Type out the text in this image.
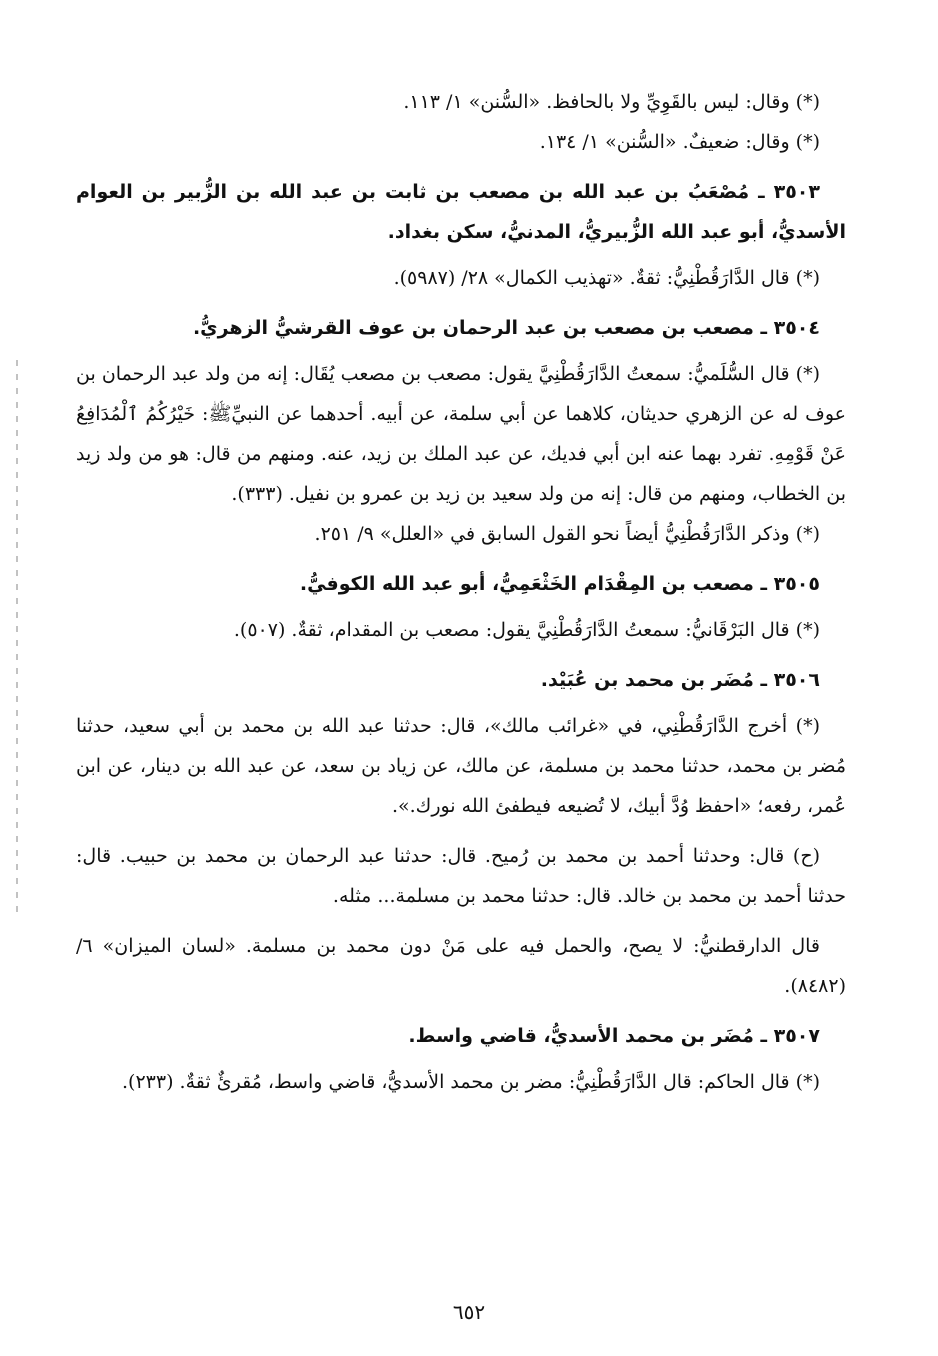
(*) وقال: ليس بالقَوِيِّ ولا بالحافظ. «السُّنن» ١/ ١١٣.

(*) وقال: ضعيفٌ. «السُّنن» ١/ ١٣٤.

٣٥٠٣ ـ مُصْعَبُ بن عبد الله بن مصعب بن ثابت بن عبد الله بن الزُّبير بن العوام الأسديُّ، أبو عبد الله الزُّبيريُّ، المدنيُّ، سكن بغداد.

(*) قال الدَّارَقُطْنِيُّ: ثقةٌ. «تهذيب الكمال» ٢٨/ (٥٩٨٧).

٣٥٠٤ ـ مصعب بن مصعب بن عبد الرحمان بن عوف القرشيُّ الزهريُّ.

(*) قال السُّلَميُّ: سمعتُ الدَّارَقُطْنِيَّ يقول: مصعب بن مصعب يُقَال: إنه من ولد عبد الرحمان بن عوف له عن الزهري حديثان، كلاهما عن أبي سلمة، عن أبيه. أحدهما عن النبيِّﷺ: خَيْرُكُمُ ٱلْمُدَافِعُ عَنْ قَوْمِهِ. تفرد بهما عنه ابن أبي فديك، عن عبد الملك بن زيد، عنه. ومنهم من قال: هو من ولد زيد بن الخطاب، ومنهم من قال: إنه من ولد سعيد بن زيد بن عمرو بن نفيل. (٣٣٣).

(*) وذكر الدَّارَقُطْنِيُّ أيضاً نحو القول السابق في «العلل» ٩/ ٢٥١.

٣٥٠٥ ـ مصعب بن المِقْدَام الخَثْعَمِيُّ، أبو عبد الله الكوفيُّ.

(*) قال البَرْقَانيُّ: سمعتُ الدَّارَقُطْنِيَّ يقول: مصعب بن المقدام، ثقةٌ. (٥٠٧).

٣٥٠٦ ـ مُضَر بن محمد بن عُبَيْد.

(*) أخرج الدَّارَقُطْنِي، في «غرائب مالك»، قال: حدثنا عبد الله بن محمد بن أبي سعيد، حدثنا مُضر بن محمد، حدثنا محمد بن مسلمة، عن مالك، عن زياد بن سعد، عن عبد الله بن دينار، عن ابن عُمر، رفعه؛ «احفظ وُدَّ أبيك، لا تُضيعه فيطفئ الله نورك.».

(ح) قال: وحدثنا أحمد بن محمد بن رُميح. قال: حدثنا عبد الرحمان بن محمد بن حبيب. قال: حدثنا أحمد بن محمد بن خالد. قال: حدثنا محمد بن مسلمة... مثله.

قال الدارقطنيُّ: لا يصح، والحمل فيه على مَنْ دون محمد بن مسلمة. «لسان الميزان» ٦/ (٨٤٨٢).

٣٥٠٧ ـ مُضَر بن محمد الأسديُّ، قاضي واسط.

(*) قال الحاكم: قال الدَّارَقُطْنِيُّ: مضر بن محمد الأسديُّ، قاضي واسط، مُقرئٌ ثقةٌ. (٢٣٣).

٦٥٢
